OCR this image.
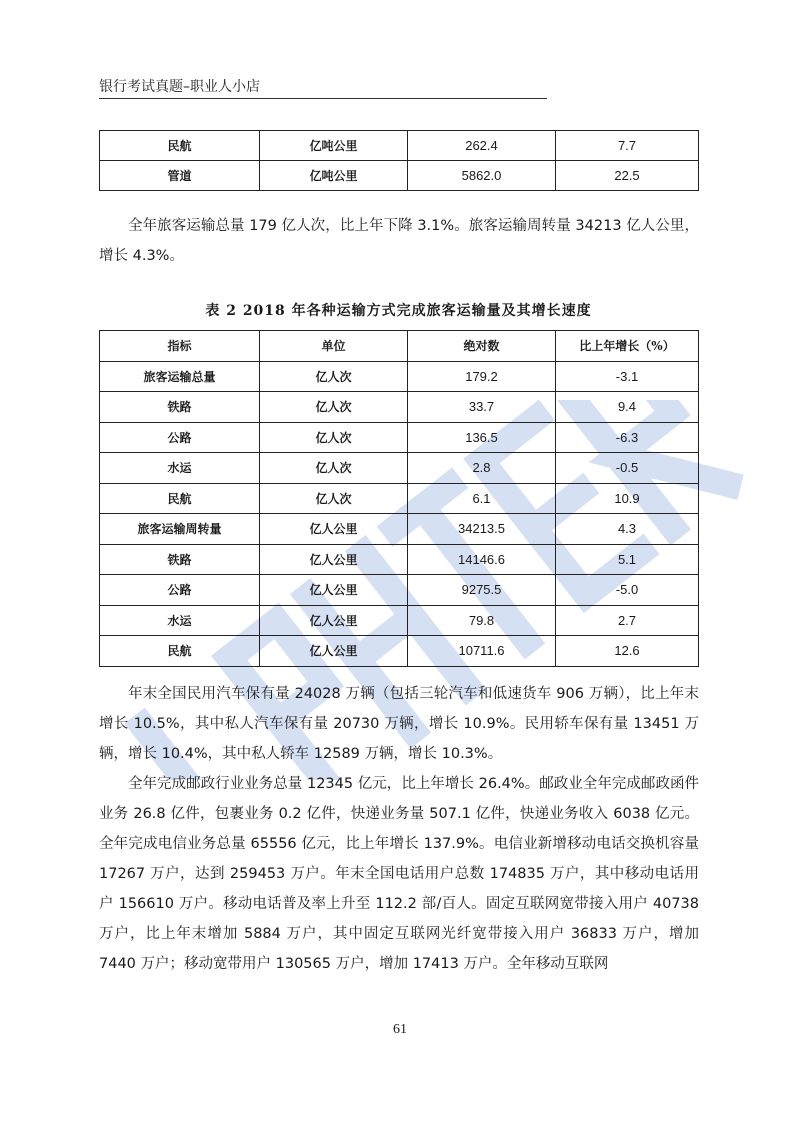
银行考试真题–职业人小店
民航	亿吨公里	262.4	7.7
管道	亿吨公里	5862.0	22.5

全年旅客运输总量 179 亿人次，比上年下降 3.1%。旅客运输周转量 34213 亿人公里，增长 4.3%。

表 2 2018 年各种运输方式完成旅客运输量及其增长速度
指标	单位	绝对数	比上年增长（%）
旅客运输总量	亿人次	179.2	-3.1
铁路	亿人次	33.7	9.4
公路	亿人次	136.5	-6.3
水运	亿人次	2.8	-0.5
民航	亿人次	6.1	10.9
旅客运输周转量	亿人公里	34213.5	4.3
铁路	亿人公里	14146.6	5.1
公路	亿人公里	9275.5	-5.0
水运	亿人公里	79.8	2.7
民航	亿人公里	10711.6	12.6

年末全国民用汽车保有量 24028 万辆（包括三轮汽车和低速货车 906 万辆），比上年末增长 10.5%，其中私人汽车保有量 20730 万辆，增长 10.9%。民用轿车保有量 13451 万辆，增长 10.4%，其中私人轿车 12589 万辆，增长 10.3%。

全年完成邮政行业业务总量 12345 亿元，比上年增长 26.4%。邮政业全年完成邮政函件业务 26.8 亿件，包裹业务 0.2 亿件，快递业务量 507.1 亿件，快递业务收入 6038 亿元。全年完成电信业务总量 65556 亿元，比上年增长 137.9%。电信业新增移动电话交换机容量 17267 万户，达到 259453 万户。年末全国电话用户总数 174835 万户，其中移动电话用户 156610 万户。移动电话普及率上升至 112.2 部/百人。固定互联网宽带接入用户 40738 万户，比上年末增加 5884 万户，其中固定互联网光纤宽带接入用户 36833 万户，增加 7440 万户；移动宽带用户 130565 万户，增加 17413 万户。全年移动互联网

61
